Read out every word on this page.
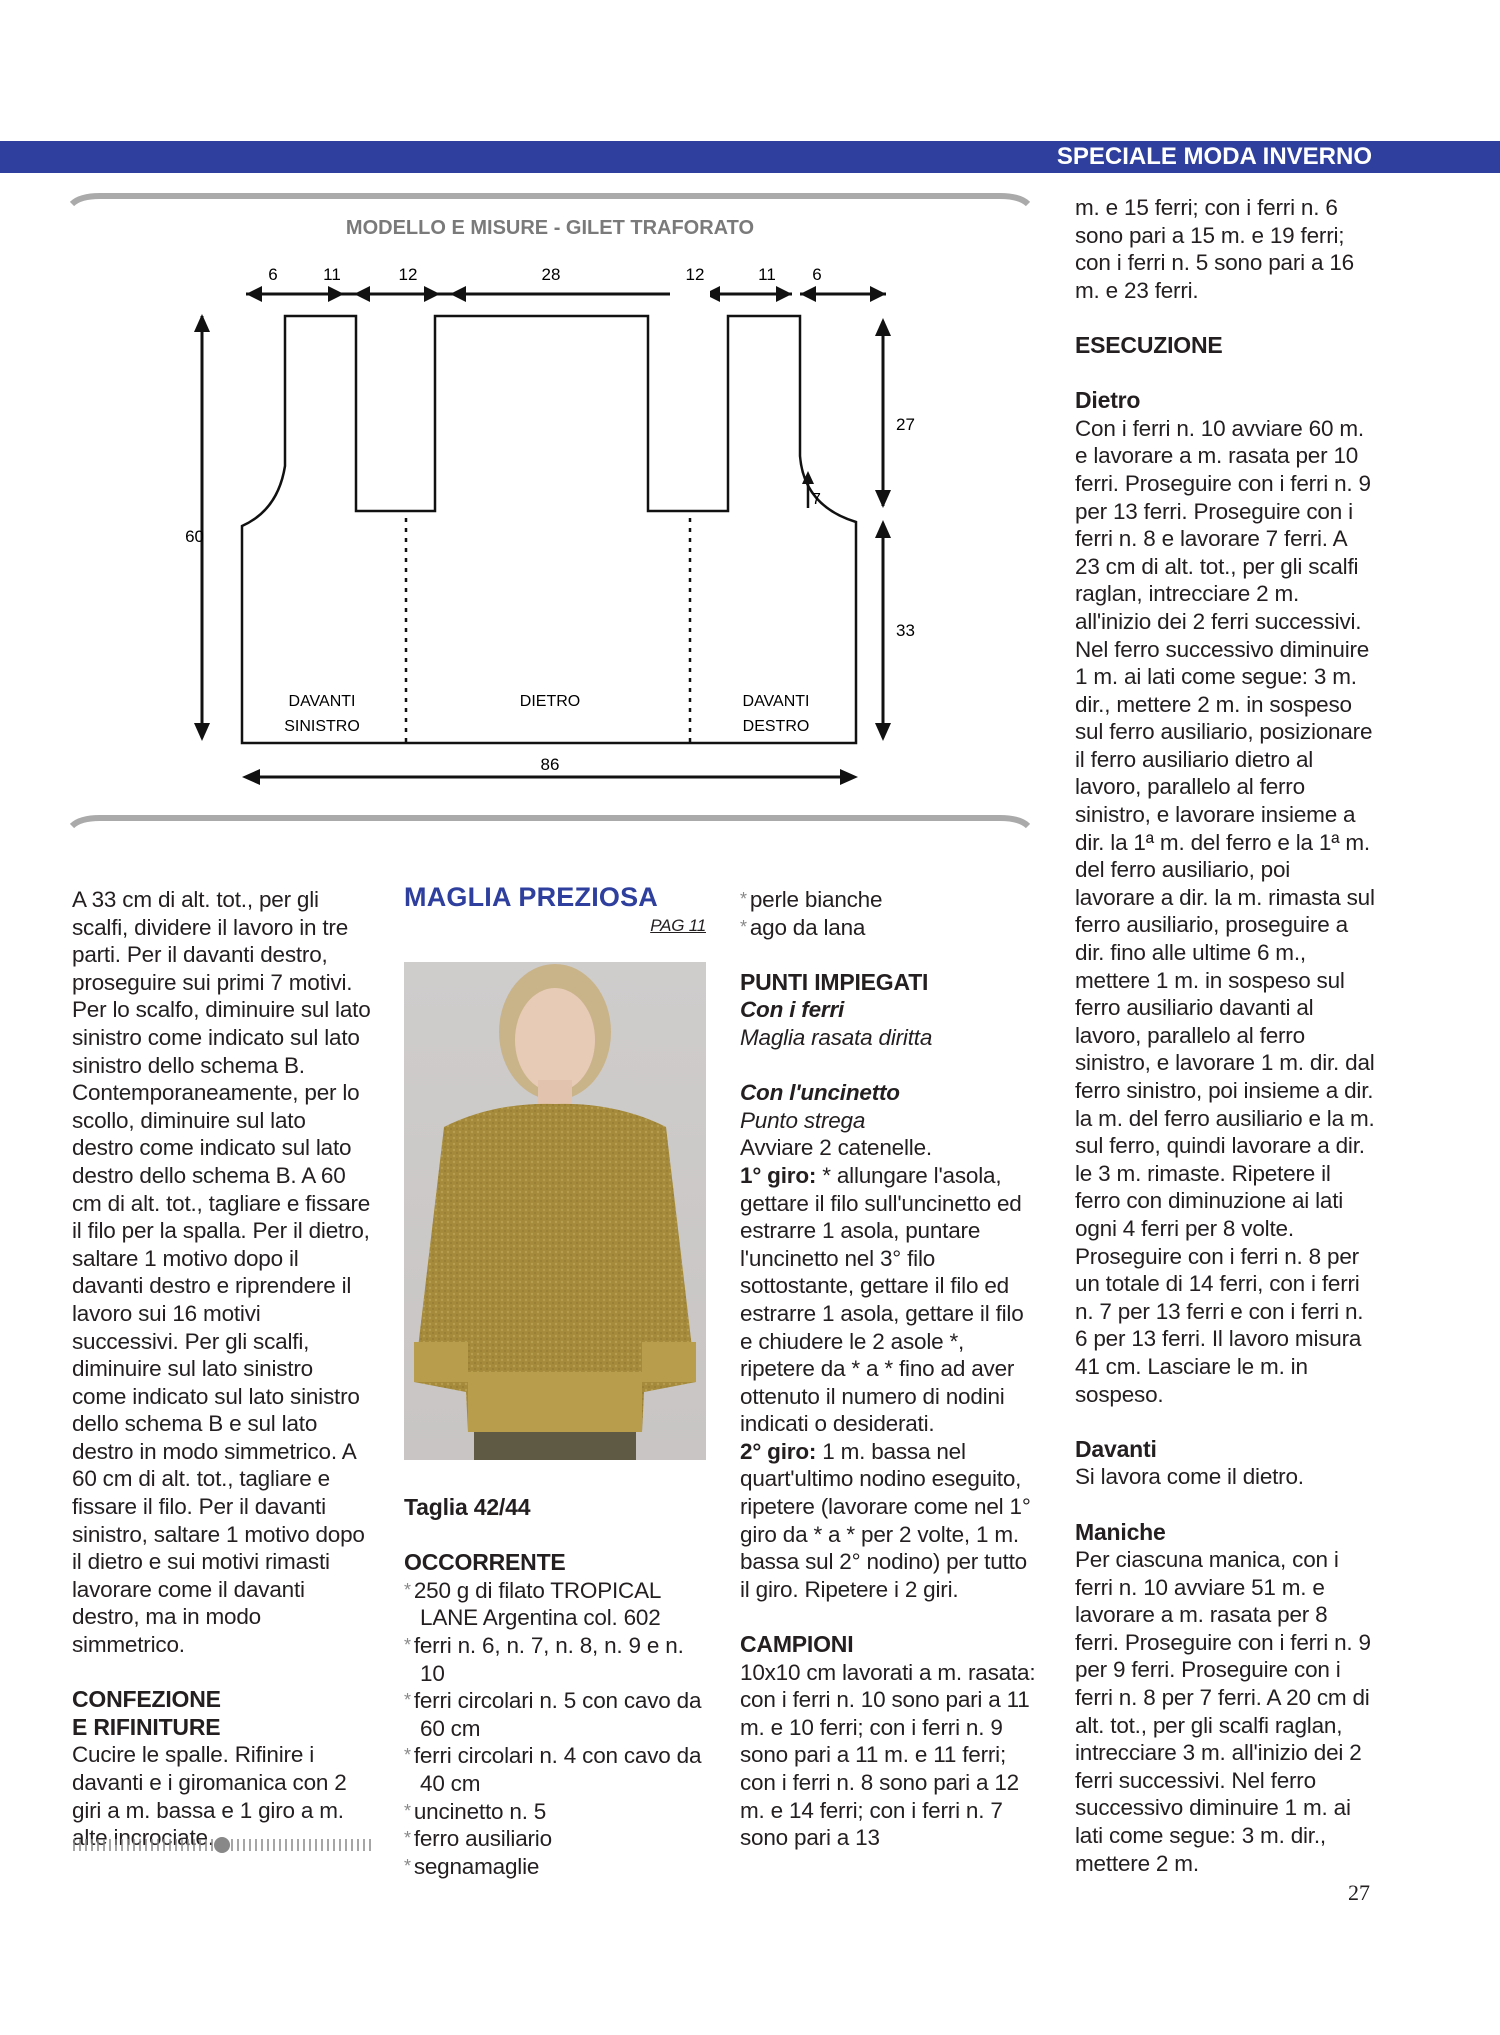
SPECIALE MODA INVERNO
MODELLO E MISURE - GILET TRAFORATO
6	11	12	28	12	11 6
60
27
33
7
DAVANTI
SINISTRO
DIETRO	DAVANTI
DESTRO
86

A 33 cm di alt. tot., per gli scalfi, dividere il lavoro in tre parti. Per il davanti destro, proseguire sui primi 7 motivi. Per lo scalfo, diminuire sul lato sinistro come indicato sul lato sinistro dello schema B. Contemporaneamente, per lo scollo, diminuire sul lato destro come indicato sul lato destro dello schema B. A 60 cm di alt. tot., tagliare e fissare il filo per la spalla. Per il dietro, saltare 1 motivo dopo il davanti destro e riprendere il lavoro sui 16 motivi successivi. Per gli scalfi, diminuire sul lato sinistro come indicato sul lato sinistro dello schema B e sul lato destro in modo simmetrico. A 60 cm di alt. tot., tagliare e fissare il filo. Per il davanti sinistro, saltare 1 motivo dopo il dietro e sui motivi rimasti lavorare come il davanti destro, ma in modo simmetrico.

CONFEZIONE

E RIFINITURE

Cucire le spalle. Rifinire i davanti e i giromanica con 2 giri a m. bassa e 1 giro a m. alte incrociate.

MAGLIA PREZIOSA

PAG 11

Taglia 42/44

OCCORRENTE

* 250 g di filato TROPICAL LANE Argentina col. 602

* ferri n. 6, n. 7, n. 8, n. 9 e n. 10

* ferri circolari n. 5 con cavo da 60 cm

* ferri circolari n. 4 con cavo da 40 cm

* uncinetto n. 5

* ferro ausiliario

* segnamaglie

* perle bianche

* ago da lana

PUNTI IMPIEGATI

Con i ferri

Maglia rasata diritta

Con l'uncinetto

Punto strega

Avviare 2 catenelle.

1° giro: * allungare l'asola, gettare il filo sull'uncinetto ed estrarre 1 asola, puntare l'uncinetto nel 3° filo sottostante, gettare il filo ed estrarre 1 asola, gettare il filo e chiudere le 2 asole *, ripetere da * a * fino ad aver ottenuto il numero di nodini indicati o desiderati.

2° giro: 1 m. bassa nel quart'ultimo nodino eseguito, ripetere (lavorare come nel 1° giro da * a * per 2 volte, 1 m. bassa sul 2° nodino) per tutto il giro. Ripetere i 2 giri.

CAMPIONI

10x10 cm lavorati a m. rasata: con i ferri n. 10 sono pari a 11 m. e 10 ferri; con i ferri n. 9 sono pari a 11 m. e 11 ferri; con i ferri n. 8 sono pari a 12 m. e 14 ferri; con i ferri n. 7 sono pari a 13

m. e 15 ferri; con i ferri n. 6 sono pari a 15 m. e 19 ferri; con i ferri n. 5 sono pari a 16 m. e 23 ferri.

ESECUZIONE

Dietro

Con i ferri n. 10 avviare 60 m. e lavorare a m. rasata per 10 ferri. Proseguire con i ferri n. 9 per 13 ferri. Proseguire con i ferri n. 8 e lavorare 7 ferri. A 23 cm di alt. tot., per gli scalfi raglan, intrecciare 2 m. all'inizio dei 2 ferri successivi. Nel ferro successivo diminuire 1 m. ai lati come segue: 3 m. dir., mettere 2 m. in sospeso sul ferro ausiliario, posizionare il ferro ausiliario dietro al lavoro, parallelo al ferro sinistro, e lavorare insieme a dir. la 1ª m. del ferro e la 1ª m. del ferro ausiliario, poi lavorare a dir. la m. rimasta sul ferro ausiliario, proseguire a dir. fino alle ultime 6 m., mettere 1 m. in sospeso sul ferro ausiliario davanti al lavoro, parallelo al ferro sinistro, e lavorare 1 m. dir. dal ferro sinistro, poi insieme a dir. la m. del ferro ausiliario e la m. sul ferro, quindi lavorare a dir. le 3 m. rimaste. Ripetere il ferro con diminuzione ai lati ogni 4 ferri per 8 volte. Proseguire con i ferri n. 8 per un totale di 14 ferri, con i ferri n. 7 per 13 ferri e con i ferri n. 6 per 13 ferri. Il lavoro misura 41 cm. Lasciare le m. in sospeso.

Davanti

Si lavora come il dietro.

Maniche

Per ciascuna manica, con i ferri n. 10 avviare 51 m. e lavorare a m. rasata per 8 ferri. Proseguire con i ferri n. 9 per 9 ferri. Proseguire con i ferri n. 8 per 7 ferri. A 20 cm di alt. tot., per gli scalfi raglan, intrecciare 3 m. all'inizio dei 2 ferri successivi. Nel ferro successivo diminuire 1 m. ai lati come segue: 3 m. dir., mettere 2 m.

27
